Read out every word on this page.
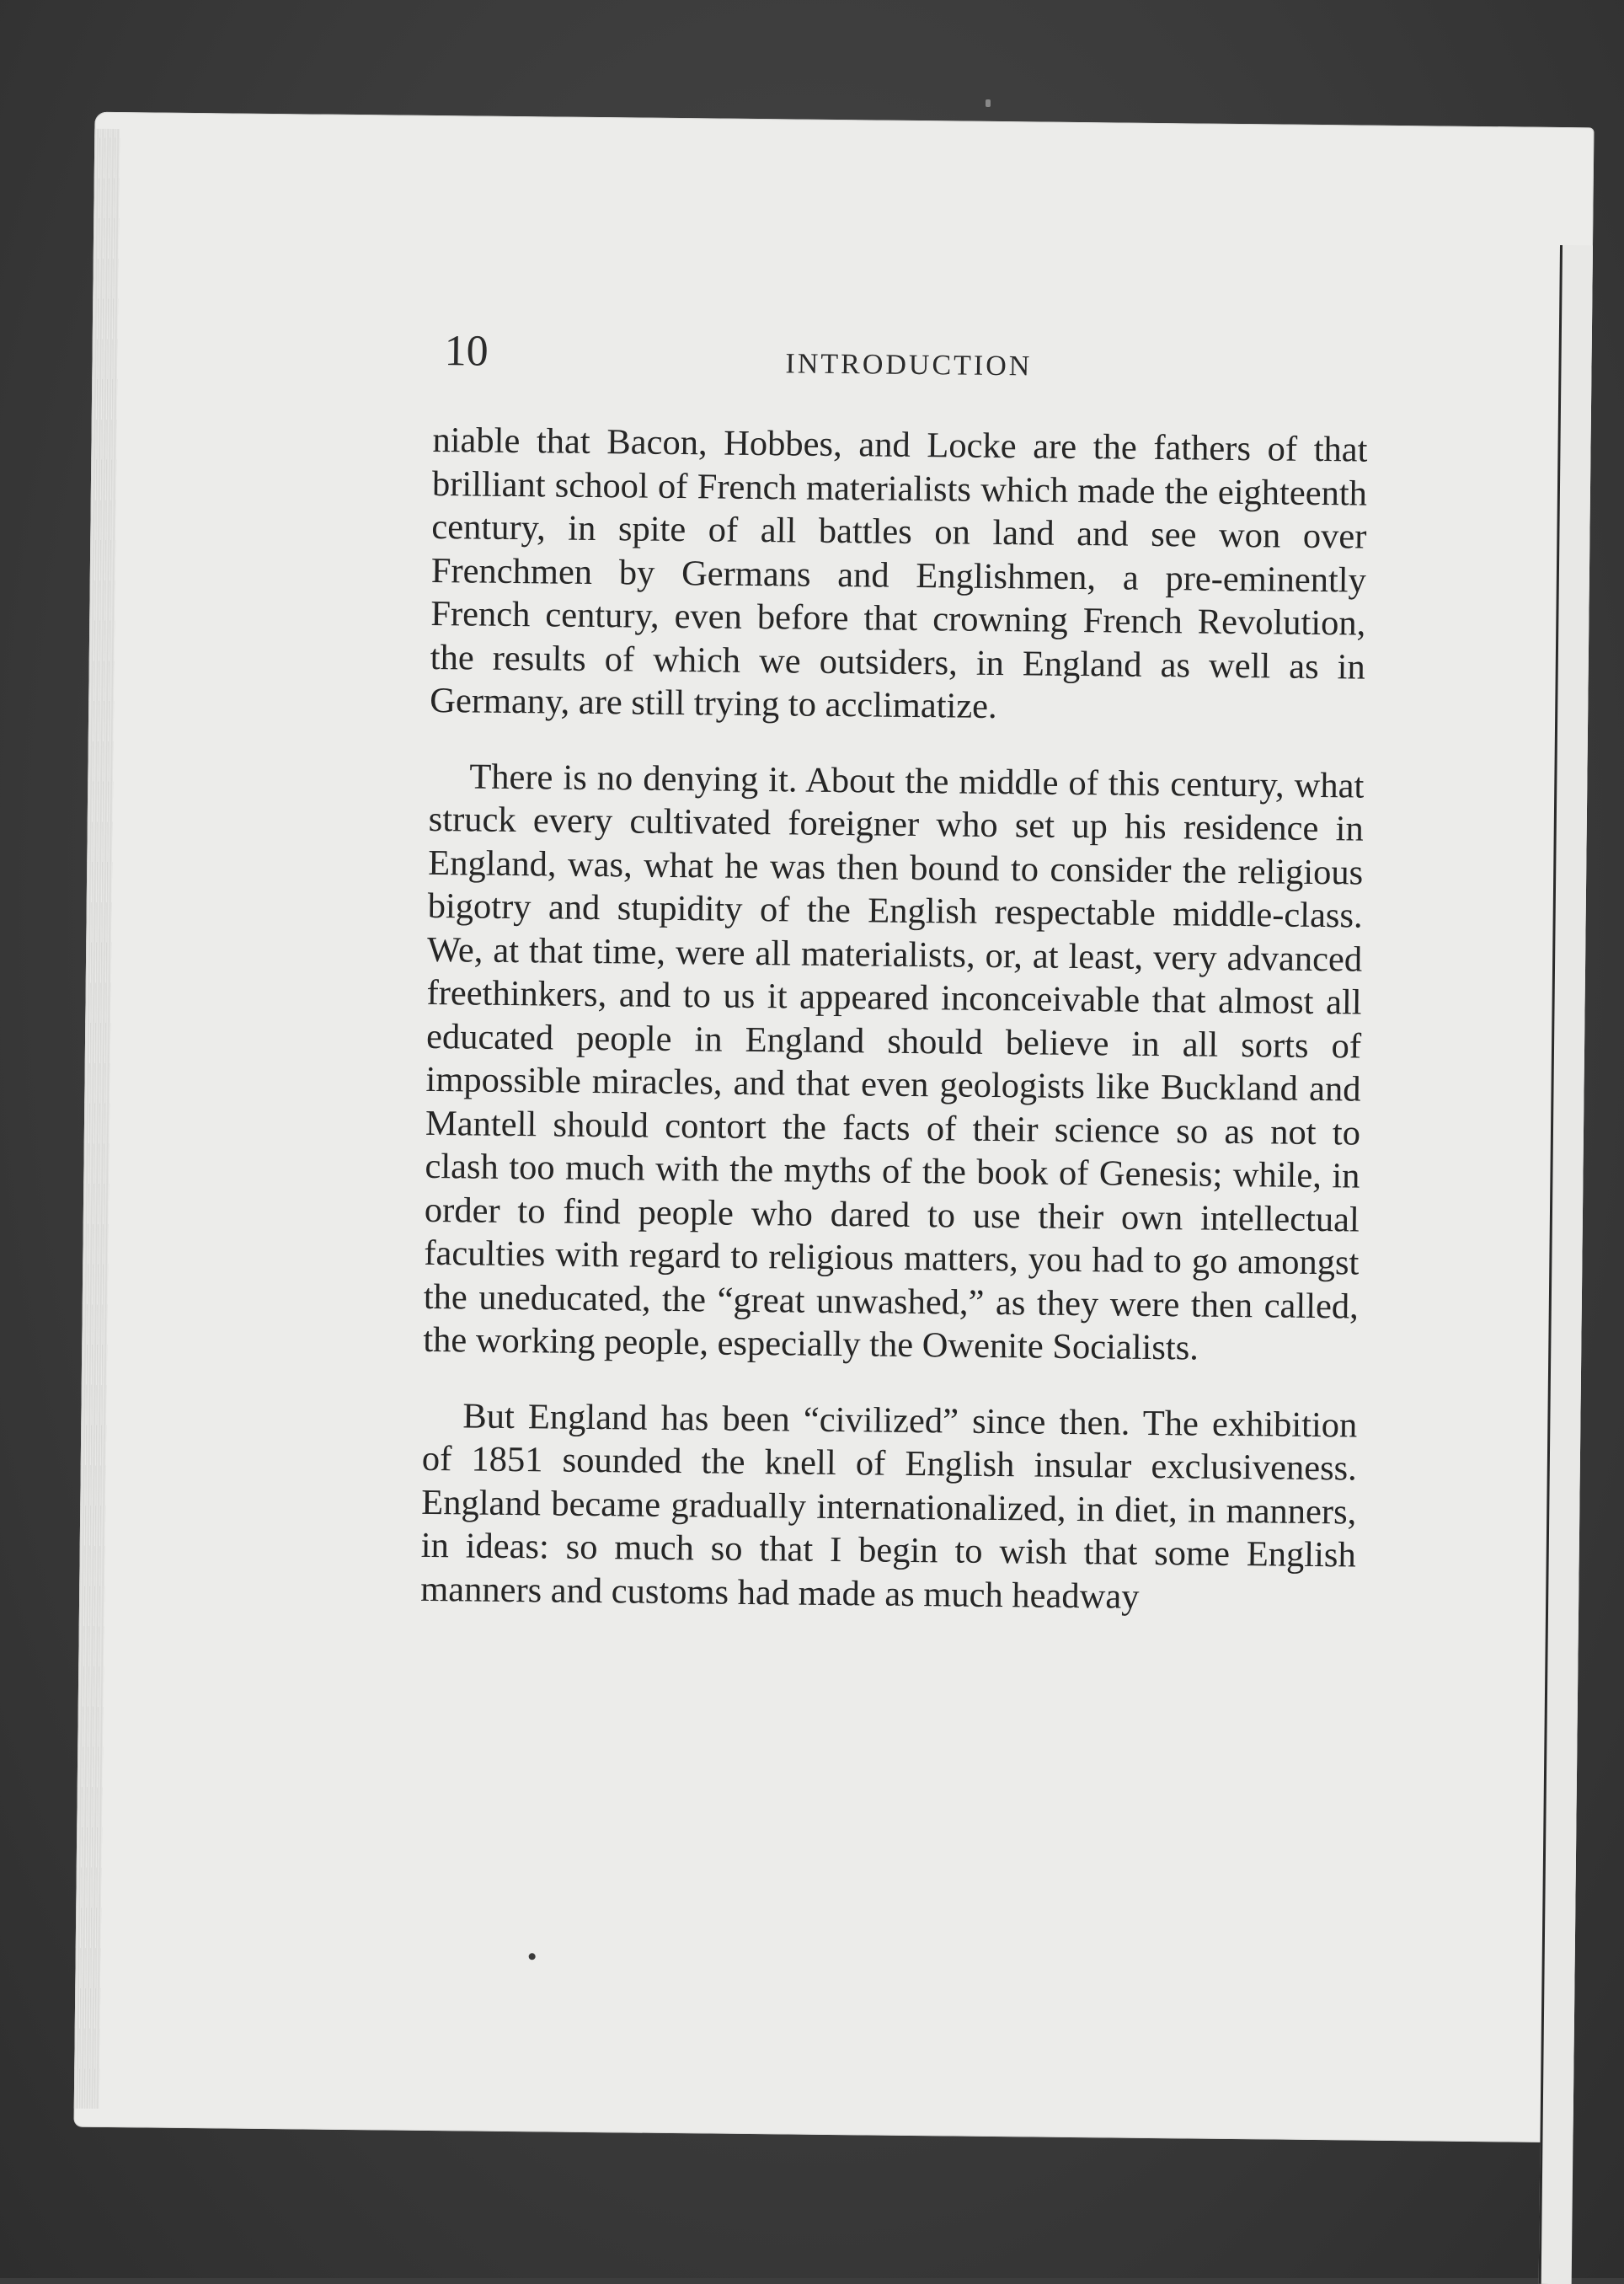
10	INTRODUCTION

niable that Bacon, Hobbes, and Locke are the fathers of that brilliant school of French materialists which made the eighteenth century, in spite of all battles on land and see won over Frenchmen by Germans and Englishmen, a pre-eminently French century, even before that crowning French Revolution, the results of which we outsiders, in England as well as in Germany, are still trying to acclimatize.

There is no denying it. About the middle of this century, what struck every cultivated foreigner who set up his residence in England, was, what he was then bound to consider the religious bigotry and stupidity of the English respectable middle-class. We, at that time, were all materialists, or, at least, very advanced freethinkers, and to us it appeared inconceivable that almost all educated people in England should believe in all sorts of impossible miracles, and that even geologists like Buckland and Mantell should contort the facts of their science so as not to clash too much with the myths of the book of Genesis; while, in order to find people who dared to use their own intellectual faculties with regard to religious matters, you had to go amongst the uneducated, the “great unwashed,” as they were then called, the working people, especially the Owenite Socialists.

But England has been “civilized” since then. The exhibition of 1851 sounded the knell of English insular exclusiveness. England became gradually internationalized, in diet, in manners, in ideas: so much so that I begin to wish that some English manners and customs had made as much headway
